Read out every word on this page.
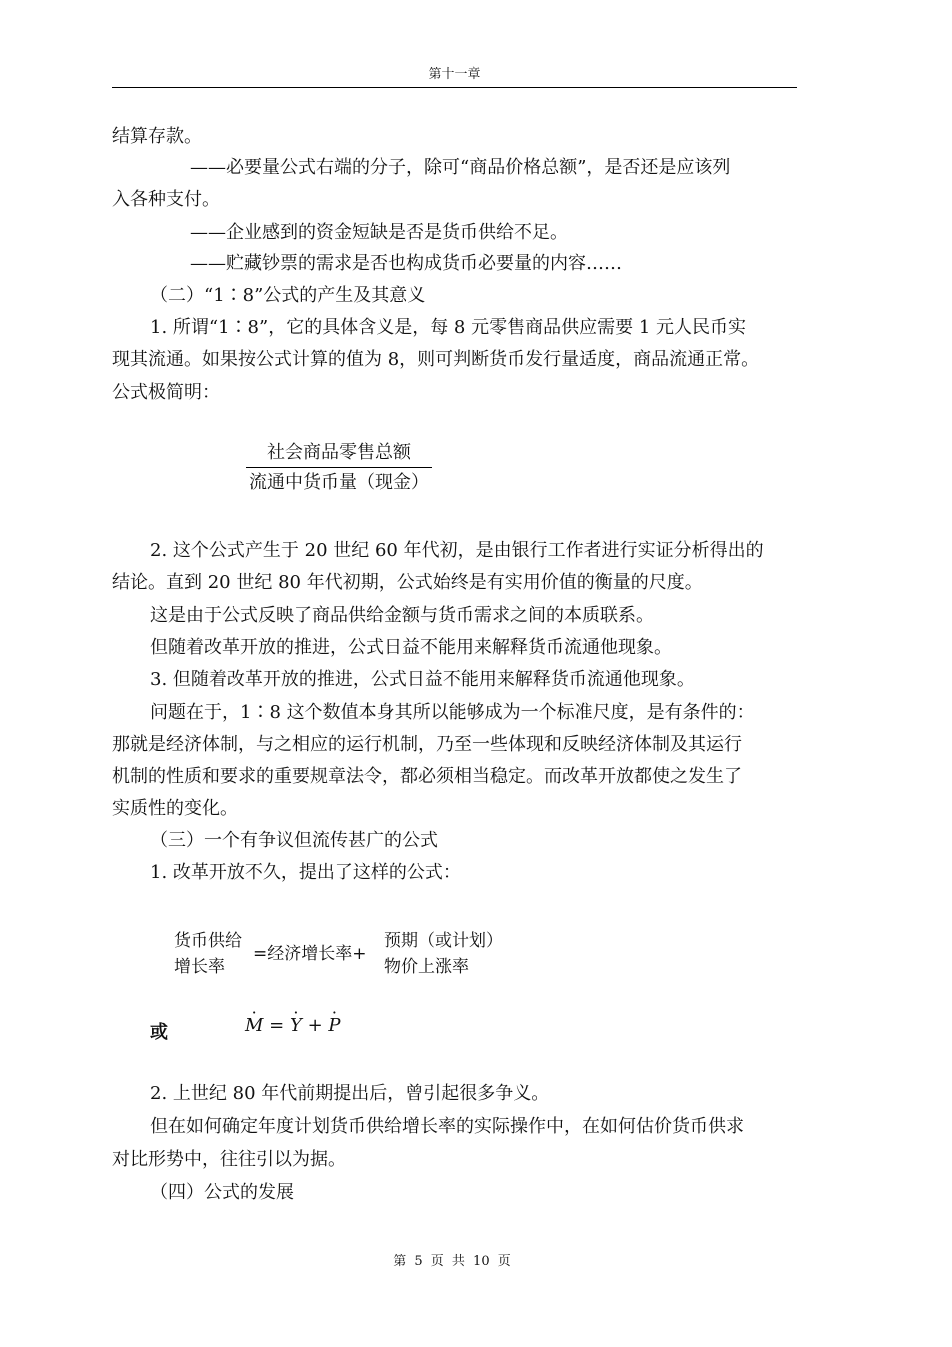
第十一章
结算存款。
——必要量公式右端的分子，除可“商品价格总额”，是否还是应该列
入各种支付。
——企业感到的资金短缺是否是货币供给不足。
——贮藏钞票的需求是否也构成货币必要量的内容……
（二）“1∶8”公式的产生及其意义
1. 所谓“1∶8”，它的具体含义是，每 8 元零售商品供应需要 1 元人民币实
现其流通。如果按公式计算的值为 8，则可判断货币发行量适度，商品流通正常。
公式极简明：
社会商品零售总额
流通中货币量（现金）
2. 这个公式产生于 20 世纪 60 年代初，是由银行工作者进行实证分析得出的
结论。直到 20 世纪 80 年代初期，公式始终是有实用价值的衡量的尺度。
这是由于公式反映了商品供给金额与货币需求之间的本质联系。
但随着改革开放的推进，公式日益不能用来解释货币流通他现象。
3. 但随着改革开放的推进，公式日益不能用来解释货币流通他现象。
问题在于，1∶8 这个数值本身其所以能够成为一个标准尺度，是有条件的：
那就是经济体制，与之相应的运行机制，乃至一些体现和反映经济体制及其运行
机制的性质和要求的重要规章法令，都必须相当稳定。而改革开放都使之发生了
实质性的变化。
（三）一个有争议但流传甚广的公式
1. 改革开放不久，提出了这样的公式：
货币供给
增长率
=经济增长率+
预期（或计划）
物价上涨率
或	M · = Y · + P ·
2. 上世纪 80 年代前期提出后，曾引起很多争义。
但在如何确定年度计划货币供给增长率的实际操作中，在如何估价货币供求
对比形势中，往往引以为据。
（四）公式的发展
第 5 页 共 10 页
